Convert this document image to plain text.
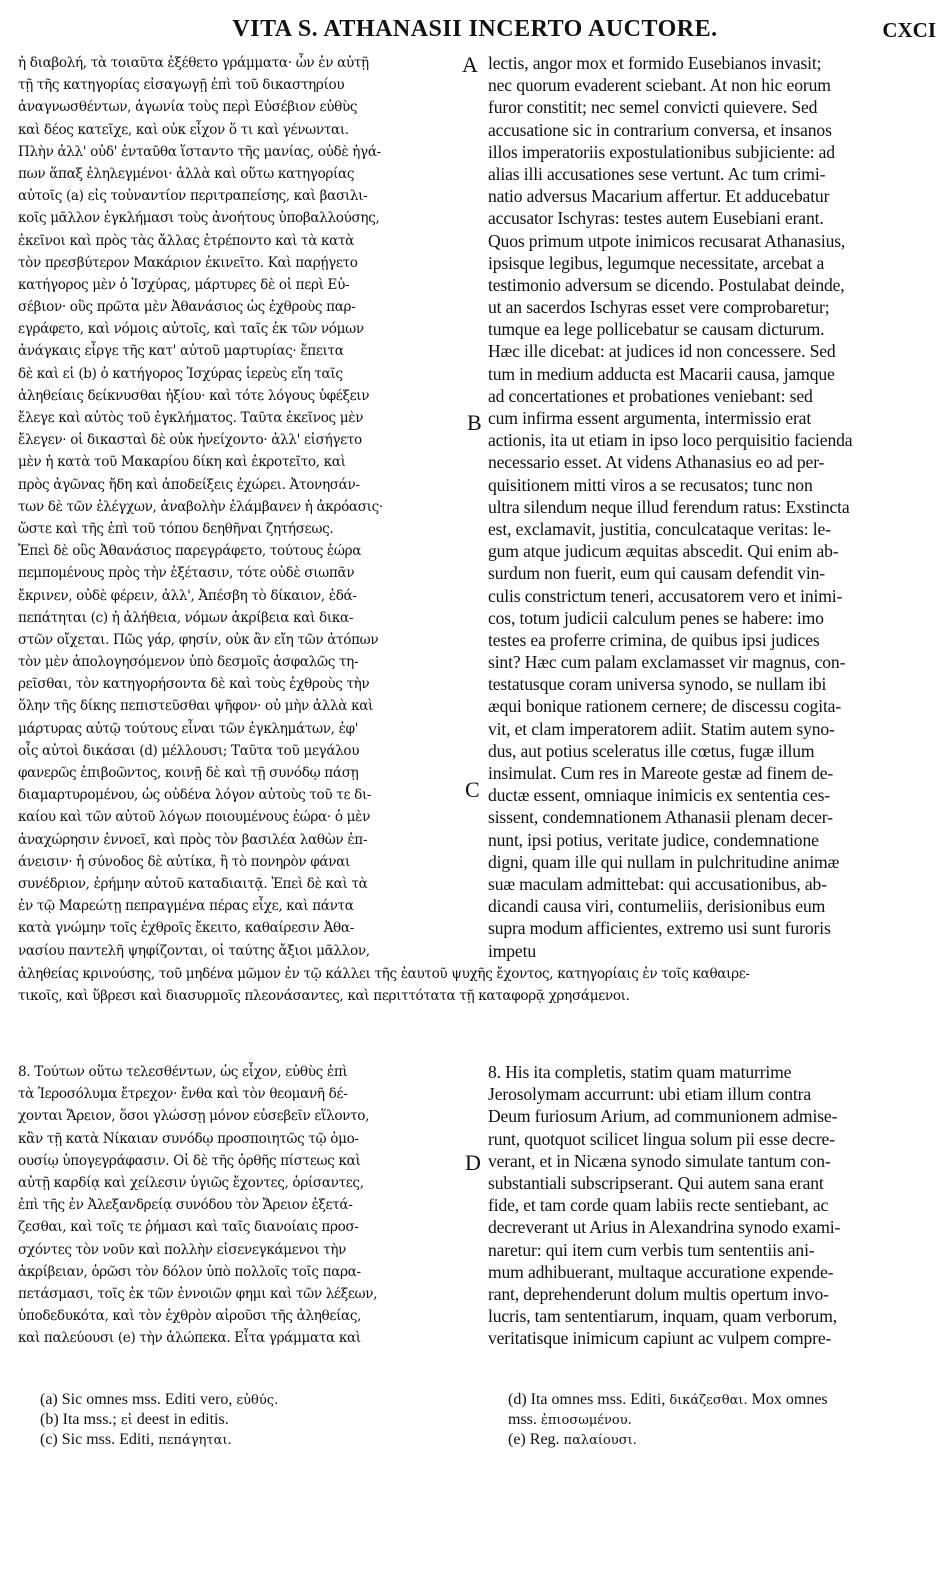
VITA S. ATHANASII INCERTO AUCTORE.	CXCI
ἡ διαβολή, τὰ τοιαῦτα ἐξέθετο γράμματα· ὧν ἐν αὐτῇ
τῇ τῆς κατηγορίας εἰσαγωγῇ ἐπὶ τοῦ δικαστηρίου
ἀναγνωσθέντων, ἀγωνία τοὺς περὶ Εὐσέβιον εὐθὺς
καὶ δέος κατεῖχε, καὶ οὐκ εἶχον ὅ τι καὶ γένωνται.
Πλὴν ἀλλ' οὐδ' ἐνταῦθα ἵσταντο τῆς μανίας, οὐδὲ ἠγά-
πων ἅπαξ ἐληλεγμένοι· ἀλλὰ καὶ οὕτω κατηγορίας
αὐτοῖς (a) εἰς τοὐναντίον περιτραπείσης, καὶ βασιλι-
κοῖς μᾶλλον ἐγκλήμασι τοὺς ἀνοήτους ὑποβαλλούσης,
ἐκεῖνοι καὶ πρὸς τὰς ἄλλας ἐτρέποντο καὶ τὰ κατὰ
τὸν πρεσβύτερον Μακάριον ἐκινεῖτο. Καὶ παρῄγετο
κατήγορος μὲν ὁ Ἰσχύρας, μάρτυρες δὲ οἱ περὶ Εὐ-
σέβιον· οὓς πρῶτα μὲν Ἀθανάσιος ὡς ἐχθροὺς παρ-
εγράφετο, καὶ νόμοις αὐτοῖς, καὶ ταῖς ἐκ τῶν νόμων
ἀνάγκαις εἶργε τῆς κατ' αὐτοῦ μαρτυρίας· ἔπειτα
δὲ καὶ εἰ (b) ὁ κατήγορος Ἰσχύρας ἱερεὺς εἴη ταῖς
ἀληθείαις δείκνυσθαι ἠξίου· καὶ τότε λόγους ὑφέξειν
ἔλεγε καὶ αὐτὸς τοῦ ἐγκλήματος. Ταῦτα ἐκεῖνος μὲν
ἔλεγεν· οἱ δικασταὶ δὲ οὐκ ἠνείχοντο· ἀλλ' εἰσήγετο
μὲν ἡ κατὰ τοῦ Μακαρίου δίκη καὶ ἐκροτεῖτο, καὶ
πρὸς ἀγῶνας ἤδη καὶ ἀποδείξεις ἐχώρει. Ἀτονησάν-
των δὲ τῶν ἐλέγχων, ἀναβολὴν ἐλάμβανεν ἡ ἀκρόασις·
ὥστε καὶ τῆς ἐπὶ τοῦ τόπου δεηθῆναι ζητήσεως.
Ἐπεὶ δὲ οὓς Ἀθανάσιος παρεγράφετο, τούτους ἑώρα
πεμπομένους πρὸς τὴν ἐξέτασιν, τότε οὐδὲ σιωπᾶν
ἔκρινεν, οὐδὲ φέρειν, ἀλλ', Ἀπέσβη τὸ δίκαιον, ἐδά-
πεπάτηται (c) ἡ ἀλήθεια, νόμων ἀκρίβεια καὶ δικα-
στῶν οἴχεται. Πῶς γάρ, φησίν, οὐκ ἂν εἴη τῶν ἀτόπων
τὸν μὲν ἀπολογησόμενον ὑπὸ δεσμοῖς ἀσφαλῶς τη-
ρεῖσθαι, τὸν κατηγορήσοντα δὲ καὶ τοὺς ἐχθροὺς τὴν
ὅλην τῆς δίκης πεπιστεῦσθαι ψῆφον· οὐ μὴν ἀλλὰ καὶ
μάρτυρας αὐτῷ τούτους εἶναι τῶν ἐγκλημάτων, ἐφ'
οἷς αὐτοὶ δικάσαι (d) μέλλουσι; Ταῦτα τοῦ μεγάλου
φανερῶς ἐπιβοῶντος, κοινῇ δὲ καὶ τῇ συνόδῳ πάσῃ
διαμαρτυρομένου, ὡς οὐδένα λόγον αὐτοὺς τοῦ τε δι-
καίου καὶ τῶν αὐτοῦ λόγων ποιουμένους ἑώρα· ὁ μὲν
ἀναχώρησιν ἐννοεῖ, καὶ πρὸς τὸν βασιλέα λαθὼν ἐπ-
άνεισιν· ἡ σύνοδος δὲ αὐτίκα, ἢ τὸ πονηρὸν φάναι
συνέδριον, ἐρήμην αὐτοῦ καταδιαιτᾷ. Ἐπεὶ δὲ καὶ τὰ
ἐν τῷ Μαρεώτῃ πεπραγμένα πέρας εἶχε, καὶ πάντα
κατὰ γνώμην τοῖς ἐχθροῖς ἔκειτο, καθαίρεσιν Ἀθα-
νασίου παντελῆ ψηφίζονται, οἱ ταύτης ἄξιοι μᾶλλον,
lectis, angor mox et formido Eusebianos invasit;
nec quorum evaderent sciebant. At non hic eorum
furor constitit; nec semel convicti quievere. Sed
accusatione sic in contrarium conversa, et insanos
illos imperatoriis expostulationibus subjiciente: ad
alias illi accusationes sese vertunt. Ac tum crimi-
natio adversus Macarium affertur. Et adducebatur
accusator Ischyras: testes autem Eusebiani erant.
Quos primum utpote inimicos recusarat Athanasius,
ipsisque legibus, legumque necessitate, arcebat a
testimonio adversum se dicendo. Postulabat deinde,
ut an sacerdos Ischyras esset vere comprobaretur;
tumque ea lege pollicebatur se causam dicturum.
Hæc ille dicebat: at judices id non concessere. Sed
tum in medium adducta est Macarii causa, jamque
ad concertationes et probationes veniebant: sed
cum infirma essent argumenta, intermissio erat
actionis, ita ut etiam in ipso loco perquisitio facienda
necessario esset. At videns Athanasius eo ad per-
quisitionem mitti viros a se recusatos; tunc non
ultra silendum neque illud ferendum ratus: Exstincta
est, exclamavit, justitia, conculcataque veritas: le-
gum atque judicum æquitas abscedit. Qui enim ab-
surdum non fuerit, eum qui causam defendit vin-
culis constrictum teneri, accusatorem vero et inimi-
cos, totum judicii calculum penes se habere: imo
testes ea proferre crimina, de quibus ipsi judices
sint? Hæc cum palam exclamasset vir magnus, con-
testatusque coram universa synodo, se nullam ibi
æqui bonique rationem cernere; de discessu cogita-
vit, et clam imperatorem adiit. Statim autem syno-
dus, aut potius sceleratus ille cœtus, fugæ illum
insimulat. Cum res in Mareote gestæ ad finem de-
ductæ essent, omniaque inimicis ex sententia ces-
sissent, condemnationem Athanasii plenam decer-
nunt, ipsi potius, veritate judice, condemnatione
digni, quam ille qui nullam in pulchritudine animæ
suæ maculam admittebat: qui accusationibus, ab-
dicandi causa viri, contumeliis, derisionibus eum
supra modum afficientes, extremo usi sunt furoris
impetu
A
B
C
D
ἀληθείας κρινούσης, τοῦ μηδένα μῶμον ἐν τῷ κάλλει τῆς ἑαυτοῦ ψυχῆς ἔχοντος, κατηγορίαις ἐν τοῖς καθαιρε-
τικοῖς, καὶ ὕβρεσι καὶ διασυρμοῖς πλεονάσαντες, καὶ περιττότατα τῇ καταφορᾷ χρησάμενοι.
8. Τούτων οὕτω τελεσθέντων, ὡς εἶχον, εὐθὺς ἐπὶ
τὰ Ἱεροσόλυμα ἔτρεχον· ἔνθα καὶ τὸν θεομανῆ δέ-
χονται Ἄρειον, ὅσοι γλώσσῃ μόνον εὐσεβεῖν εἵλοντο,
κἂν τῇ κατὰ Νίκαιαν συνόδῳ προσποιητῶς τῷ ὁμο-
ουσίῳ ὑπογεγράφασιν. Οἱ δὲ τῆς ὀρθῆς πίστεως καὶ
αὐτῇ καρδίᾳ καὶ χείλεσιν ὑγιῶς ἔχοντες, ὁρίσαντες,
ἐπὶ τῆς ἐν Ἀλεξανδρείᾳ συνόδου τὸν Ἄρειον ἐξετά-
ζεσθαι, καὶ τοῖς τε ῥήμασι καὶ ταῖς διανοίαις προσ-
σχόντες τὸν νοῦν καὶ πολλὴν εἰσενεγκάμενοι τὴν
ἀκρίβειαν, ὁρῶσι τὸν δόλον ὑπὸ πολλοῖς τοῖς παρα-
πετάσμασι, τοῖς ἐκ τῶν ἐννοιῶν φημι καὶ τῶν λέξεων,
ὑποδεδυκότα, καὶ τὸν ἐχθρὸν αἱροῦσι τῆς ἀληθείας,
καὶ παλεύουσι (e) τὴν ἀλώπεκα. Εἶτα γράμματα καὶ
8. His ita completis, statim quam maturrime
Jerosolymam accurrunt: ubi etiam illum contra
Deum furiosum Arium, ad communionem admise-
runt, quotquot scilicet lingua solum pii esse decre-
verant, et in Nicæna synodo simulate tantum con-
substantiali subscripserant. Qui autem sana erant
fide, et tam corde quam labiis recte sentiebant, ac
decreverant ut Arius in Alexandrina synodo exami-
naretur: qui item cum verbis tum sententiis ani-
mum adhibuerant, multaque accuratione expende-
rant, deprehenderunt dolum multis opertum invo-
lucris, tam sententiarum, inquam, quam verborum,
veritatisque inimicum capiunt ac vulpem compre-
(a) Sic omnes mss. Editi vero, εὐθύς.
(b) Ita mss.; εἰ deest in editis.
(c) Sic mss. Editi, πεπάγηται.
(d) Ita omnes mss. Editi, δικάζεσθαι. Mox omnes
mss. ἐπιοσωμένου.
(e) Reg. παλαίουσι.
